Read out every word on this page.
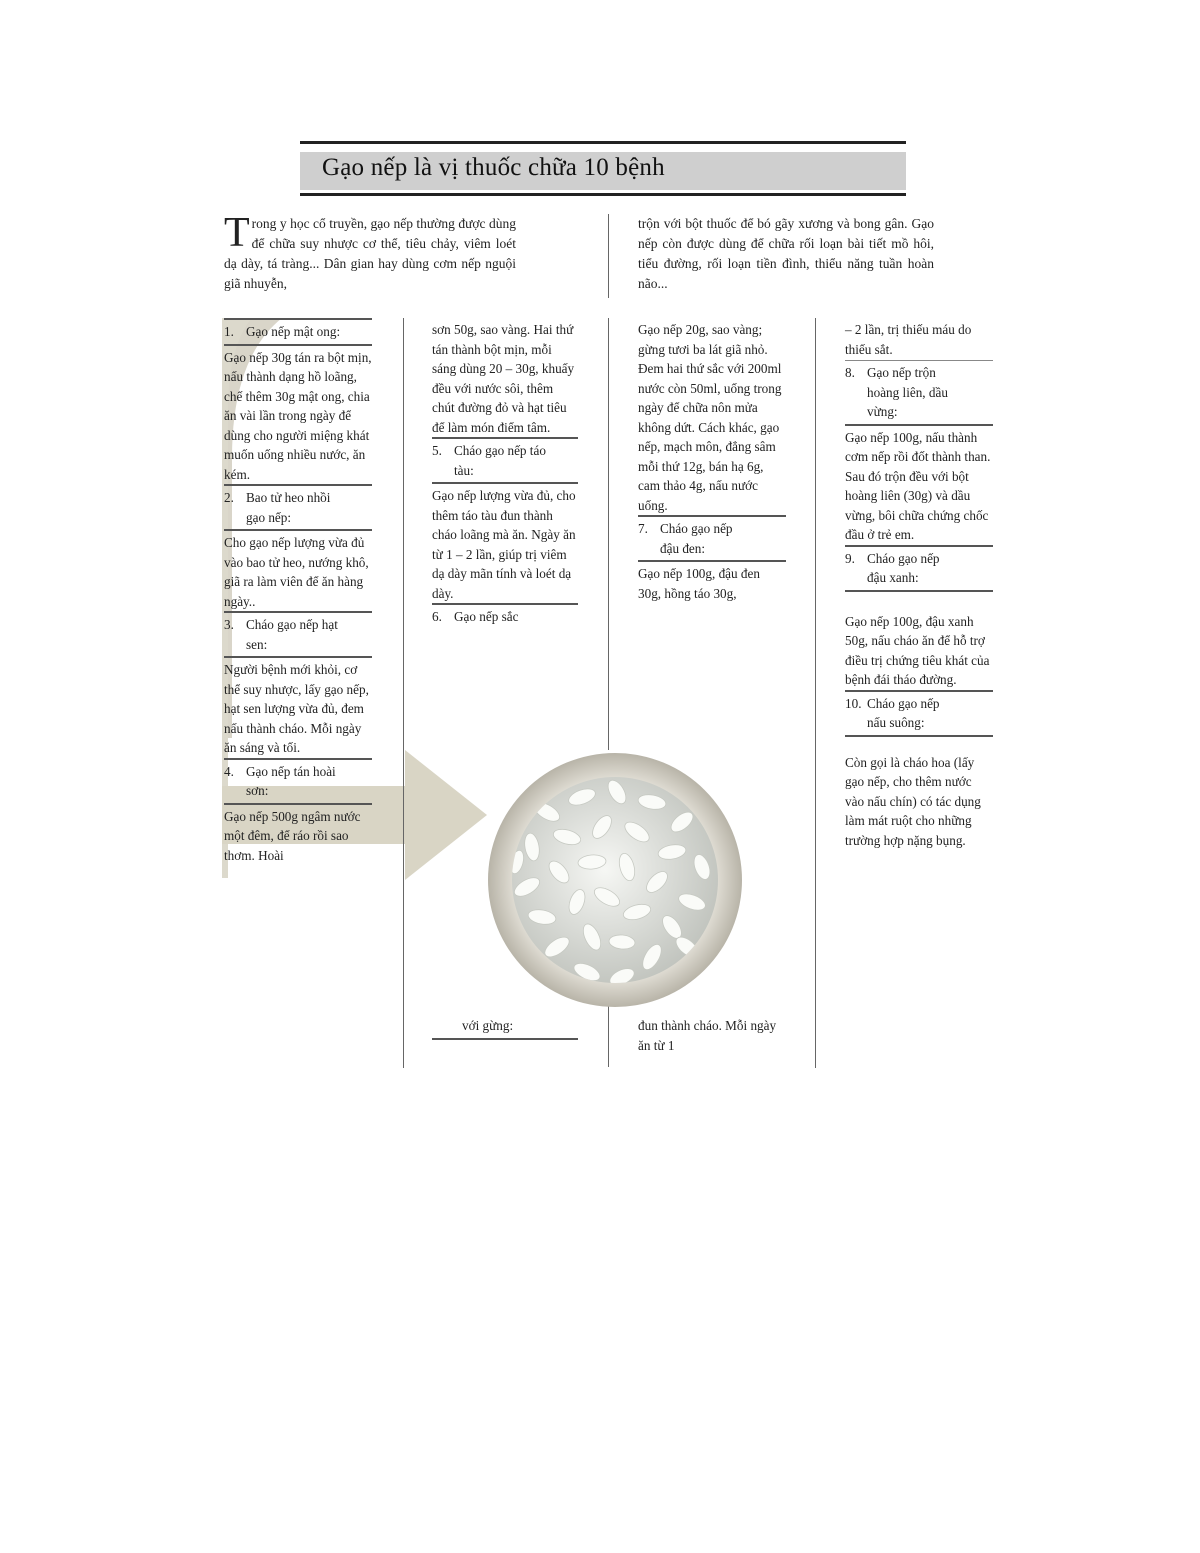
Gạo nếp là vị thuốc chữa 10 bệnh
T rong y học cổ truyền, gạo nếp thường được dùng để chữa suy nhược cơ thể, tiêu chảy, viêm loét dạ dày, tá tràng... Dân gian hay dùng cơm nếp nguội giã nhuyễn,
trộn với bột thuốc để bó gãy xương và bong gân. Gạo nếp còn được dùng để chữa rối loạn bài tiết mồ hôi, tiểu đường, rối loạn tiền đình, thiểu năng tuần hoàn não...
1. Gạo nếp mật ong:

Gạo nếp 30g tán ra bột mịn, nấu thành dạng hồ loãng, chế thêm 30g mật ong, chia ăn vài lần trong ngày để dùng cho người miệng khát muốn uống nhiều nước, ăn kém.

2. Bao tử heo nhồi gạo nếp:

Cho gạo nếp lượng vừa đủ vào bao tử heo, nướng khô, giã ra làm viên để ăn hàng ngày..

3. Cháo gạo nếp hạt sen:

Người bệnh mới khỏi, cơ thể suy nhược, lấy gạo nếp, hạt sen lượng vừa đủ, đem nấu thành cháo. Mỗi ngày ăn sáng và tối.

4. Gạo nếp tán hoài sơn:

Gạo nếp 500g ngâm nước một đêm, để ráo rồi sao thơm. Hoài

sơn 50g, sao vàng. Hai thứ tán thành bột mịn, mỗi sáng dùng 20 – 30g, khuấy đều với nước sôi, thêm chút đường đỏ và hạt tiêu để làm món điểm tâm.

5. Cháo gạo nếp táo tàu:

Gạo nếp lượng vừa đủ, cho thêm táo tàu đun thành cháo loãng mà ăn. Ngày ăn từ 1 – 2 lần, giúp trị viêm dạ dày mãn tính và loét dạ dày.

6. Gạo nếp sắc
với gừng:

Gạo nếp 20g, sao vàng; gừng tươi ba lát giã nhỏ. Đem hai thứ sắc với 200ml nước còn 50ml, uống trong ngày để chữa nôn mửa không dứt. Cách khác, gạo nếp, mạch môn, đẳng sâm mỗi thứ 12g, bán hạ 6g, cam thảo 4g, nấu nước uống.

7. Cháo gạo nếp đậu đen:

Gạo nếp 100g, đậu đen 30g, hồng táo 30g,

đun thành cháo. Mỗi ngày ăn từ 1

– 2 lần, trị thiếu máu do thiếu sắt.

8. Gạo nếp trộn hoàng liên, dầu vừng:

Gạo nếp 100g, nấu thành cơm nếp rồi đốt thành than. Sau đó trộn đều với bột hoàng liên (30g) và dầu vừng, bôi chữa chứng chốc đầu ở trẻ em.

9. Cháo gạo nếp đậu xanh:

Gạo nếp 100g, đậu xanh 50g, nấu cháo ăn để hỗ trợ điều trị chứng tiêu khát của bệnh đái tháo đường.

10. Cháo gạo nếp nấu suông:

Còn gọi là cháo hoa (lấy gạo nếp, cho thêm nước vào nấu chín) có tác dụng làm mát ruột cho những trường hợp nặng bụng.
